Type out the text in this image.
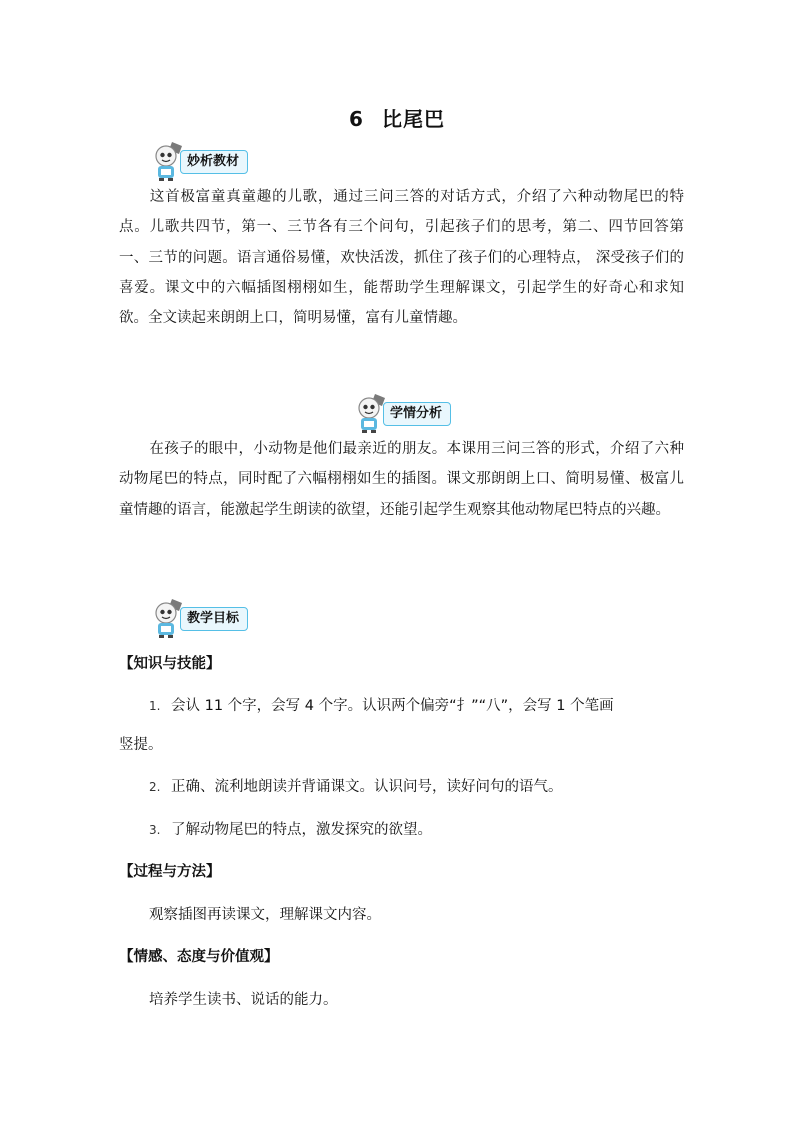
6 比尾巴
妙析教材
这首极富童真童趣的儿歌，通过三问三答的对话方式，介绍了六种动物尾巴的特点。儿歌共四节，第一、三节各有三个问句，引起孩子们的思考，第二、四节回答第一、三节的问题。语言通俗易懂，欢快活泼，抓住了孩子们的心理特点， 深受孩子们的喜爱。课文中的六幅插图栩栩如生，能帮助学生理解课文，引起学生的好奇心和求知欲。全文读起来朗朗上口，简明易懂，富有儿童情趣。
学情分析
在孩子的眼中，小动物是他们最亲近的朋友。本课用三问三答的形式，介绍了六种动物尾巴的特点，同时配了六幅栩栩如生的插图。课文那朗朗上口、简明易懂、极富儿童情趣的语言，能激起学生朗读的欲望，还能引起学生观察其他动物尾巴特点的兴趣。
教学目标
【知识与技能】
1. 会认 11 个字，会写 4 个字。认识两个偏旁“扌”“八”，会写 1 个笔画
竖提。
2. 正确、流利地朗读并背诵课文。认识问号，读好问句的语气。
3. 了解动物尾巴的特点，激发探究的欲望。
【过程与方法】
观察插图再读课文，理解课文内容。
【情感、态度与价值观】
培养学生读书、说话的能力。
